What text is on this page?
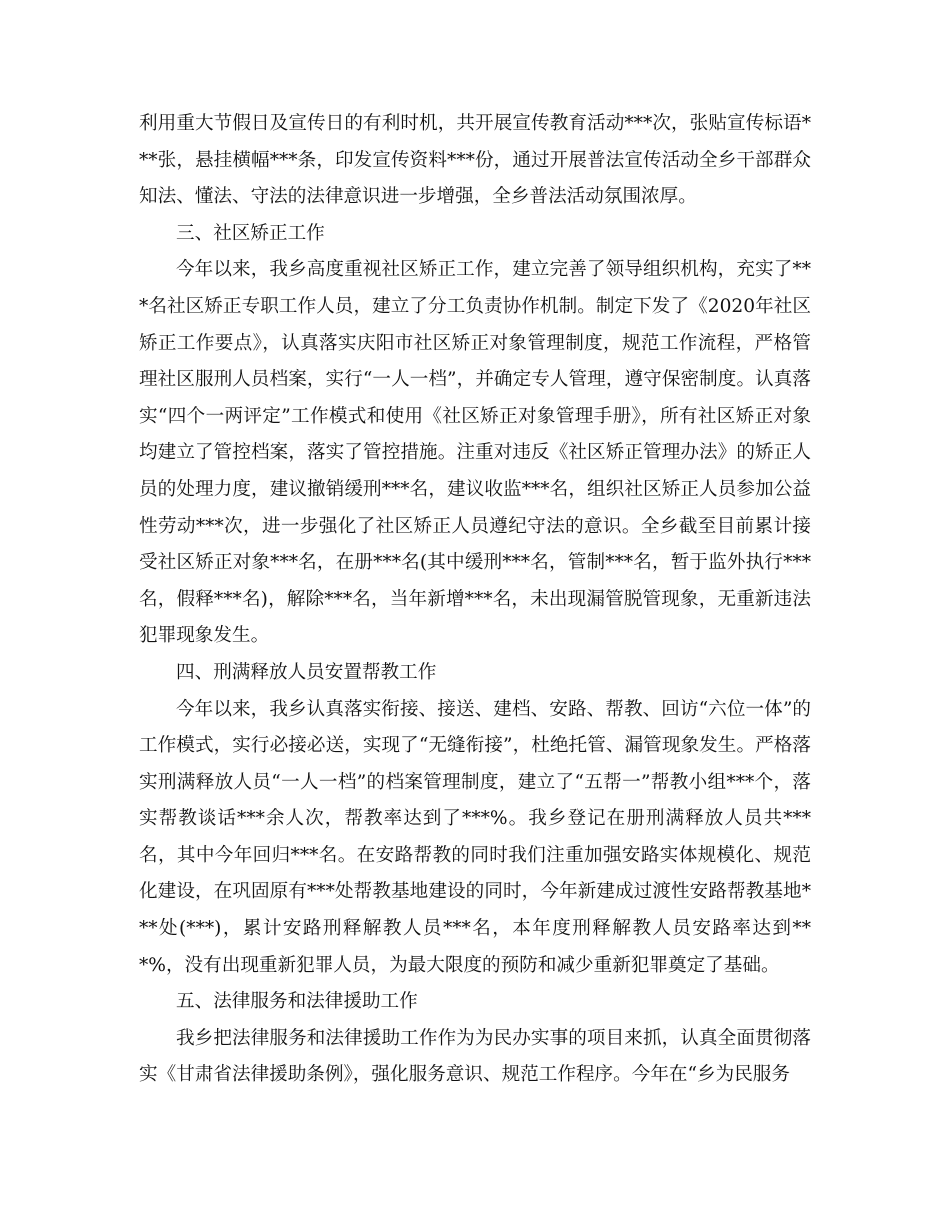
利用重大节假日及宣传日的有利时机，共开展宣传教育活动***次，张贴宣传标语***张，悬挂横幅***条，印发宣传资料***份，通过开展普法宣传活动全乡干部群众知法、懂法、守法的法律意识进一步增强，全乡普法活动氛围浓厚。

三、社区矫正工作

今年以来，我乡高度重视社区矫正工作，建立完善了领导组织机构，充实了***名社区矫正专职工作人员，建立了分工负责协作机制。制定下发了《2020年社区矫正工作要点》，认真落实庆阳市社区矫正对象管理制度，规范工作流程，严格管理社区服刑人员档案，实行“一人一档”，并确定专人管理，遵守保密制度。认真落实“四个一两评定”工作模式和使用《社区矫正对象管理手册》，所有社区矫正对象均建立了管控档案，落实了管控措施。注重对违反《社区矫正管理办法》的矫正人员的处理力度，建议撤销缓刑***名，建议收监***名，组织社区矫正人员参加公益性劳动***次，进一步强化了社区矫正人员遵纪守法的意识。全乡截至目前累计接受社区矫正对象***名，在册***名(其中缓刑***名，管制***名，暂于监外执行***名，假释***名)，解除***名，当年新增***名，未出现漏管脱管现象，无重新违法犯罪现象发生。

四、刑满释放人员安置帮教工作

今年以来，我乡认真落实衔接、接送、建档、安路、帮教、回访“六位一体”的工作模式，实行必接必送，实现了“无缝衔接”，杜绝托管、漏管现象发生。严格落实刑满释放人员“一人一档”的档案管理制度，建立了“五帮一”帮教小组***个，落实帮教谈话***余人次，帮教率达到了***%。我乡登记在册刑满释放人员共***名，其中今年回归***名。在安路帮教的同时我们注重加强安路实体规模化、规范化建设，在巩固原有***处帮教基地建设的同时，今年新建成过渡性安路帮教基地***处(***)，累计安路刑释解教人员***名，本年度刑释解教人员安路率达到***%，没有出现重新犯罪人员，为最大限度的预防和减少重新犯罪奠定了基础。

五、法律服务和法律援助工作

我乡把法律服务和法律援助工作作为为民办实事的项目来抓，认真全面贯彻落实《甘肃省法律援助条例》，强化服务意识、规范工作程序。今年在“乡为民服务
